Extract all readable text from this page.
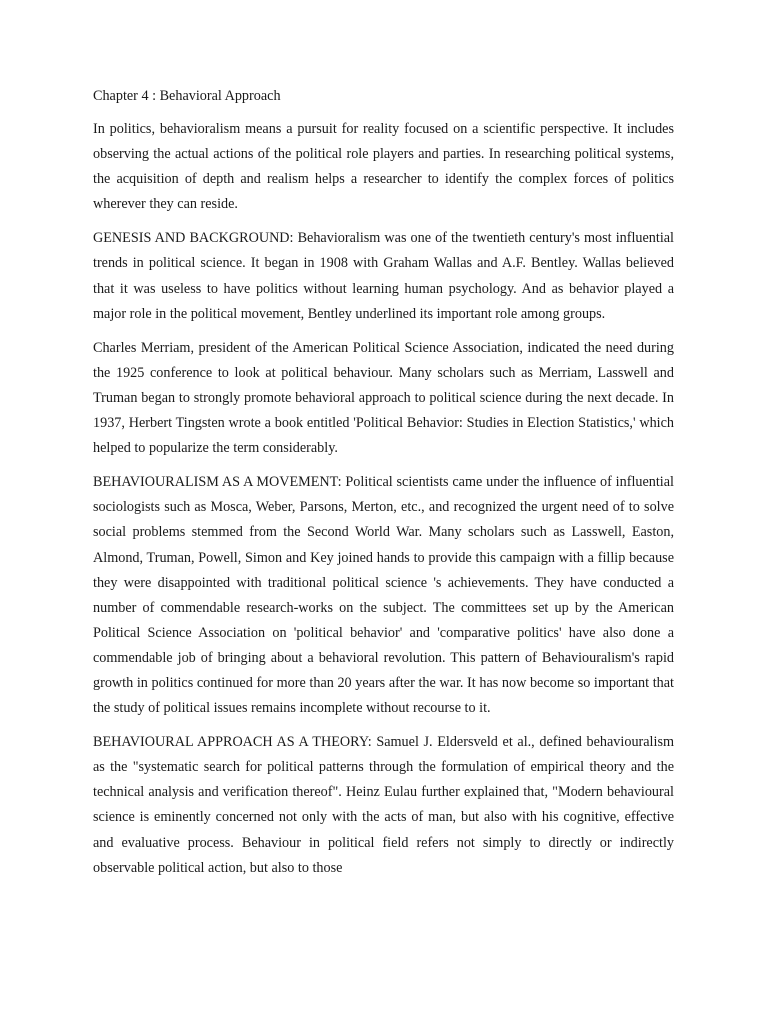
Chapter 4 : Behavioral Approach

In politics, behavioralism means a pursuit for reality focused on a scientific perspective. It includes observing the actual actions of the political role players and parties. In researching political systems, the acquisition of depth and realism helps a researcher to identify the complex forces of politics wherever they can reside.

GENESIS AND BACKGROUND: Behavioralism was one of the twentieth century's most influential trends in political science. It began in 1908 with Graham Wallas and A.F. Bentley. Wallas believed that it was useless to have politics without learning human psychology. And as behavior played a major role in the political movement, Bentley underlined its important role among groups.

Charles Merriam, president of the American Political Science Association, indicated the need during the 1925 conference to look at political behaviour. Many scholars such as Merriam, Lasswell and Truman began to strongly promote behavioral approach to political science during the next decade. In 1937, Herbert Tingsten wrote a book entitled 'Political Behavior: Studies in Election Statistics,' which helped to popularize the term considerably.

BEHAVIOURALISM AS A MOVEMENT: Political scientists came under the influence of influential sociologists such as Mosca, Weber, Parsons, Merton, etc., and recognized the urgent need of to solve social problems stemmed from the Second World War. Many scholars such as Lasswell, Easton, Almond, Truman, Powell, Simon and Key joined hands to provide this campaign with a fillip because they were disappointed with traditional political science 's achievements. They have conducted a number of commendable research-works on the subject. The committees set up by the American Political Science Association on 'political behavior' and 'comparative politics' have also done a commendable job of bringing about a behavioral revolution. This pattern of Behaviouralism's rapid growth in politics continued for more than 20 years after the war. It has now become so important that the study of political issues remains incomplete without recourse to it.

BEHAVIOURAL APPROACH AS A THEORY: Samuel J. Eldersveld et al., defined behaviouralism as the "systematic search for political patterns through the formulation of empirical theory and the technical analysis and verification thereof". Heinz Eulau further explained that, "Modern behavioural science is eminently concerned not only with the acts of man, but also with his cognitive, effective and evaluative process. Behaviour in political field refers not simply to directly or indirectly observable political action, but also to those
